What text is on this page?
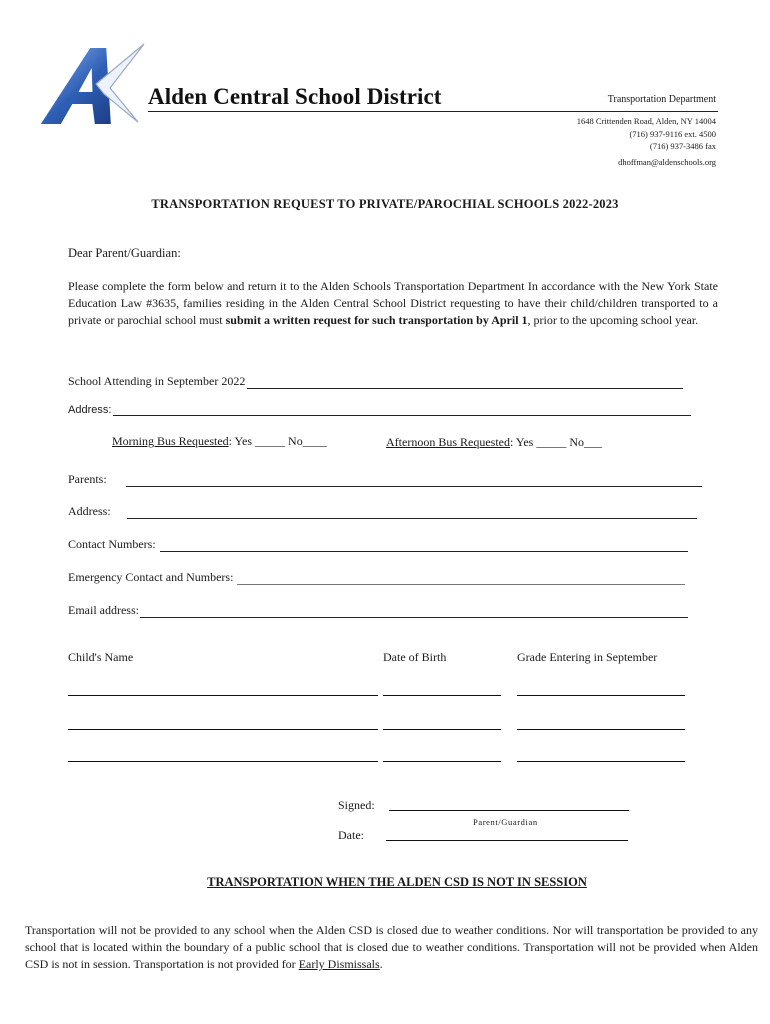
Alden Central School District	Transportation Department
1648 Crittenden Road, Alden, NY 14004
(716) 937-9116 ext. 4500
(716) 937-3486 fax
dhoffman@aldenschools.org
TRANSPORTATION REQUEST TO PRIVATE/PAROCHIAL SCHOOLS 2022-2023
Dear Parent/Guardian:
Please complete the form below and return it to the Alden Schools Transportation Department In accordance with the New York State Education Law #3635, families residing in the Alden Central School District requesting to have their child/children transported to a private or parochial school must submit a written request for such transportation by April 1, prior to the upcoming school year.
School Attending in September 2022
Address:
Morning Bus Requested : Yes _____ No____	Afternoon Bus Requested : Yes _____ No___
Parents:
Address:
Contact Numbers:
Emergency Contact and Numbers:
Email address:
Child's Name	Date of Birth	Grade Entering in September
Signed:
Parent/Guardian
Date:
TRANSPORTATION WHEN THE ALDEN CSD IS NOT IN SESSION
Transportation will not be provided to any school when the Alden CSD is closed due to weather conditions. Nor will transportation be provided to any school that is located within the boundary of a public school that is closed due to weather conditions. Transportation will not be provided when Alden CSD is not in session. Transportation is not provided for Early Dismissals.
